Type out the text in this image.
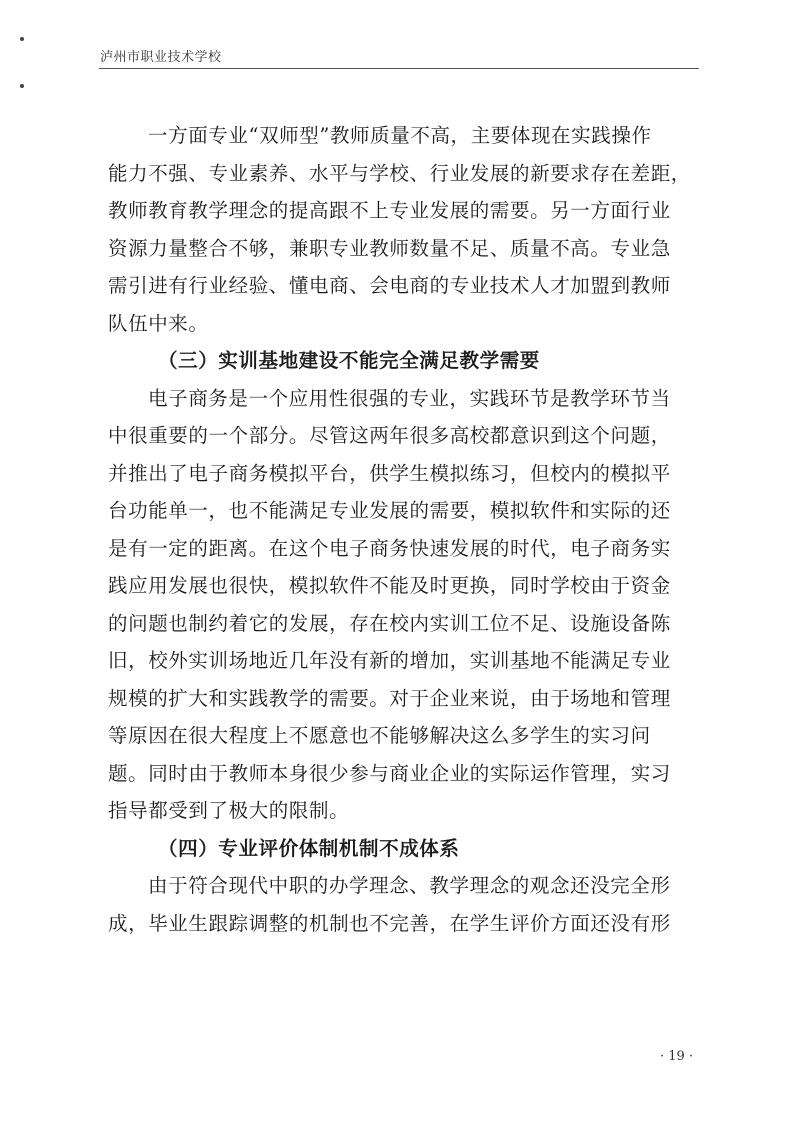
泸州市职业技术学校
一方面专业“双师型”教师质量不高，主要体现在实践操作
能力不强、专业素养、水平与学校、行业发展的新要求存在差距，
教师教育教学理念的提高跟不上专业发展的需要。另一方面行业
资源力量整合不够，兼职专业教师数量不足、质量不高。专业急
需引进有行业经验、懂电商、会电商的专业技术人才加盟到教师
队伍中来。
（三）实训基地建设不能完全满足教学需要
电子商务是一个应用性很强的专业，实践环节是教学环节当
中很重要的一个部分。尽管这两年很多高校都意识到这个问题，
并推出了电子商务模拟平台，供学生模拟练习，但校内的模拟平
台功能单一，也不能满足专业发展的需要，模拟软件和实际的还
是有一定的距离。在这个电子商务快速发展的时代，电子商务实
践应用发展也很快，模拟软件不能及时更换，同时学校由于资金
的问题也制约着它的发展，存在校内实训工位不足、设施设备陈
旧，校外实训场地近几年没有新的增加，实训基地不能满足专业
规模的扩大和实践教学的需要。对于企业来说，由于场地和管理
等原因在很大程度上不愿意也不能够解决这么多学生的实习问
题。同时由于教师本身很少参与商业企业的实际运作管理，实习
指导都受到了极大的限制。
（四）专业评价体制机制不成体系
由于符合现代中职的办学理念、教学理念的观念还没完全形
成，毕业生跟踪调整的机制也不完善，在学生评价方面还没有形
· 19 ·
